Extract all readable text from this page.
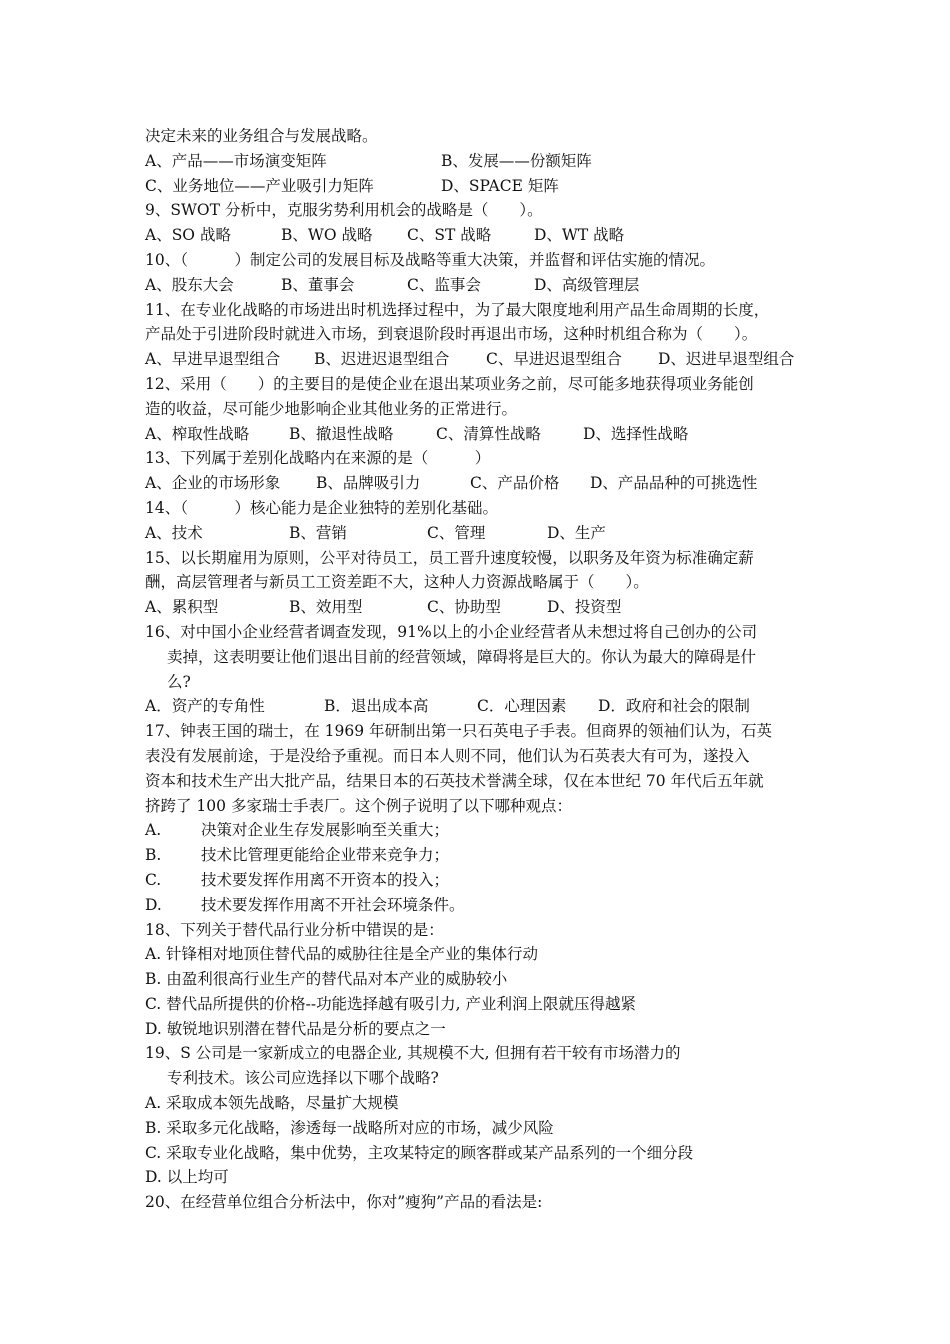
决定未来的业务组合与发展战略。
A、产品——市场演变矩阵	B、发展——份额矩阵
C、业务地位——产业吸引力矩阵	D、SPACE 矩阵
9、SWOT 分析中，克服劣势利用机会的战略是（　　）。
A、SO 战略	B、WO 战略	C、ST 战略	D、WT 战略
10、（　　　）制定公司的发展目标及战略等重大决策，并监督和评估实施的情况。
A、股东大会	B、董事会	C、监事会	D、高级管理层
11、在专业化战略的市场进出时机选择过程中，为了最大限度地利用产品生命周期的长度，
产品处于引进阶段时就进入市场，到衰退阶段时再退出市场，这种时机组合称为（　　）。
A、早进早退型组合	B、迟进迟退型组合	C、早进迟退型组合	D、迟进早退型组合
12、采用（　　）的主要目的是使企业在退出某项业务之前，尽可能多地获得项业务能创
造的收益，尽可能少地影响企业其他业务的正常进行。
A、榨取性战略	B、撤退性战略	C、清算性战略	D、选择性战略
13、下列属于差别化战略内在来源的是（　　　）
A、企业的市场形象	B、品牌吸引力	C、产品价格	D、产品品种的可挑选性
14、（　　　）核心能力是企业独特的差别化基础。
A、技术	B、营销	C、管理	D、生产
15、以长期雇用为原则，公平对待员工，员工晋升速度较慢，以职务及年资为标准确定薪
酬，高层管理者与新员工工资差距不大，这种人力资源战略属于（　　）。
A、累积型	B、效用型	C、协助型	D、投资型
16、对中国小企业经营者调查发现，91%以上的小企业经营者从未想过将自己创办的公司
卖掉，这表明要让他们退出目前的经营领域，障碍将是巨大的。你认为最大的障碍是什
么?
A．资产的专角性	B．退出成本高	C．心理因素	D．政府和社会的限制
17、钟表王国的瑞士，在 1969 年研制出第一只石英电子手表。但商界的领袖们认为，石英
表没有发展前途，于是没给予重视。而日本人则不同，他们认为石英表大有可为，遂投入
资本和技术生产出大批产品，结果日本的石英技术誉满全球，仅在本世纪 70 年代后五年就
挤跨了 100 多家瑞士手表厂。这个例子说明了以下哪种观点：
A.	决策对企业生存发展影响至关重大；
B.	技术比管理更能给企业带来竞争力；
C.	技术要发挥作用离不开资本的投入；
D.	技术要发挥作用离不开社会环境条件。
18、下列关于替代品行业分析中错误的是：
A. 针锋相对地顶住替代品的威胁往往是全产业的集体行动
B. 由盈利很高行业生产的替代品对本产业的威胁较小
C. 替代品所提供的价格--功能选择越有吸引力, 产业利润上限就压得越紧
D. 敏锐地识别潜在替代品是分析的要点之一
19、S 公司是一家新成立的电器企业, 其规模不大, 但拥有若干较有市场潜力的
专利技术。该公司应选择以下哪个战略?
A. 采取成本领先战略，尽量扩大规模
B. 采取多元化战略，渗透每一战略所对应的市场，减少风险
C. 采取专业化战略，集中优势，主攻某特定的顾客群或某产品系列的一个细分段
D. 以上均可
20、在经营单位组合分析法中，你对”瘦狗”产品的看法是:
